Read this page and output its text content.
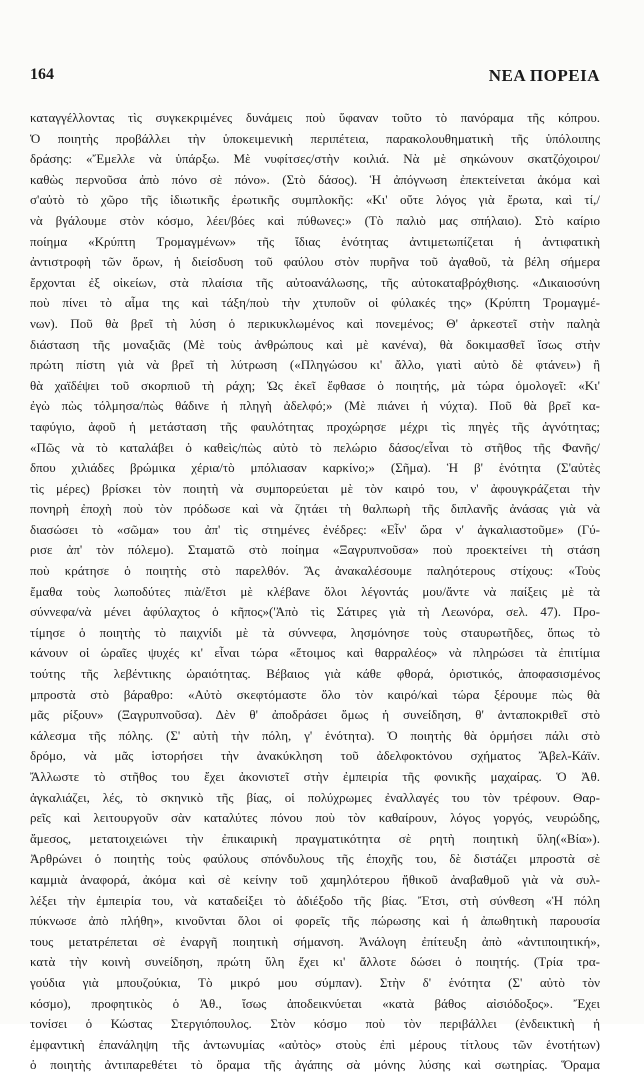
164	ΝΕΑ ΠΟΡΕΙΑ
καταγγέλλοντας τὶς συγκεκριμένες δυνάμεις ποὺ ὕφαναν τοῦτο τὸ πανόραμα τῆς κόπρου.
Ὁ ποιητὴς προβάλλει τὴν ὑποκειμενικὴ περιπέτεια, παρακολουθηματικὴ τῆς ὑπόλοιπης
δράσης: «Ἔμελλε νὰ ὑπάρξω. Μὲ νυφίτσες/στὴν κοιλιά. Νὰ μὲ σηκώνουν σκατζόχοιροι/
καθὼς περνοῦσα ἀπὸ πόνο σὲ πόνο». (Στὸ δάσος). Ἡ ἀπόγνωση ἐπεκτείνεται ἀκόμα καὶ
σ'αὐτὸ τὸ χῶρο τῆς ἰδιωτικῆς ἐρωτικῆς συμπλοκῆς: «Κι' οὔτε λόγος γιὰ ἔρωτα, καὶ τί,/
νὰ βγάλουμε στὸν κόσμο, λέει/βόες καὶ πύθωνες:» (Τὸ παλιὸ μας σπήλαιο). Στὸ καίριο
ποίημα «Κρύπτη Τρομαγμένων» τῆς ἴδιας ἑνότητας ἀντιμετωπίζεται ἡ ἀντιφατικὴ
ἀντιστροφὴ τῶν ὅρων, ἡ διείσδυση τοῦ φαύλου στὸν πυρῆνα τοῦ ἀγαθοῦ, τὰ βέλη σήμερα
ἔρχονται ἐξ οἰκείων, στὰ πλαίσια τῆς αὐτοανάλωσης, τῆς αὐτοκαταβρόχθισης. «Δικαιοσύνη
ποὺ πίνει τὸ αἷμα της καὶ τάξη/ποὺ τὴν χτυποῦν οἱ φύλακές της» (Κρύπτη Τρομαγμέ-
νων). Ποῦ θὰ βρεῖ τὴ λύση ὁ περικυκλωμένος καὶ πονεμένος; Θ' ἀρκεστεῖ στὴν παληὰ
διάσταση τῆς μοναξιᾶς (Μὲ τοὺς ἀνθρώπους καὶ μὲ κανένα), θὰ δοκιμασθεῖ ἴσως στὴν
πρώτη πίστη γιὰ νὰ βρεῖ τὴ λύτρωση («Πληγώσου κι' ἄλλο, γιατὶ αὐτὸ δὲ φτάνει») ἢ
θὰ χαϊδέψει τοῦ σκορπιοῦ τὴ ράχη; Ὡς ἐκεῖ ἔφθασε ὁ ποιητής, μὰ τώρα ὁμολογεῖ: «Κι'
ἐγὼ πὼς τόλμησα/πὼς θάδινε ἡ πληγὴ ἀδελφό;» (Μὲ πιάνει ἡ νύχτα). Ποῦ θὰ βρεῖ κα-
ταφύγιο, ἀφοῦ ἡ μετάσταση τῆς φαυλότητας προχώρησε μέχρι τὶς πηγὲς τῆς ἀγνότητας;
«Πῶς νὰ τὸ καταλάβει ὁ καθεὶς/πὼς αὐτὸ τὸ πελώριο δάσος/εἶναι τὸ στῆθος τῆς Φανῆς/
δπου χιλιάδες βρώμικα χέρια/τὸ μπόλιασαν καρκίνο;» (Σῆμα). Ἡ β' ἑνότητα (Σ'αὐτὲς
τὶς μέρες) βρίσκει τὸν ποιητὴ νὰ συμπορεύεται μὲ τὸν καιρό του, ν' ἀφουγκράζεται τὴν
πονηρὴ ἐποχὴ ποὺ τὸν πρόδωσε καὶ νὰ ζητάει τὴ θαλπωρὴ τῆς διπλανῆς ἀνάσας γιὰ νὰ
διασώσει τὸ «σῶμα» του ἀπ' τὶς στημένες ἐνέδρες: «Εἶν' ὥρα ν' ἀγκαλιαστοῦμε» (Γύ-
ρισε ἀπ' τὸν πόλεμο). Σταματῶ στὸ ποίημα «Ξαγρυπνοῦσα» ποὺ προεκτείνει τὴ στάση
ποὺ κράτησε ὁ ποιητὴς στὸ παρελθόν. Ἂς ἀνακαλέσουμε παληότερους στίχους: «Τοὺς
ἔμαθα τοὺς λωποδύτες πιὰ/ἔτσι μὲ κλέβανε ὅλοι λέγοντάς μου/ἄντε νὰ παίξεις μὲ τὰ
σύννεφα/νὰ μένει ἀφύλαχτος ὁ κῆπος»('Ἀπὸ τὶς Σάτιρες γιὰ τὴ Λεωνόρα, σελ. 47). Προ-
τίμησε ὁ ποιητὴς τὸ παιχνίδι μὲ τὰ σύννεφα, λησμόνησε τοὺς σταυρωτῆδες, ὅπως τὸ
κάνουν οἱ ὡραῖες ψυχές κι' εἶναι τώρα «ἕτοιμος καὶ θαρραλέος» νὰ πληρώσει τὰ ἐπιτίμια
τούτης τῆς λεβέντικης ὡραιότητας. Βέβαιος γιὰ κάθε φθορά, ὀριστικός, ἀποφασισμένος
μπροστὰ στὸ βάραθρο: «Αὐτὸ σκεφτόμαστε ὅλο τὸν καιρό/καὶ τώρα ξέρουμε πὼς θὰ
μᾶς ρίξουν» (Ξαγρυπνοῦσα). Δὲν θ' ἀποδράσει ὅμως ἡ συνείδηση, θ' ἀνταποκριθεῖ στὸ
κάλεσμα τῆς πόλης. (Σ' αὐτὴ τὴν πόλη, γ' ἑνότητα). Ὁ ποιητὴς θὰ ὁρμήσει πάλι στὸ
δρόμο, νὰ μᾶς ἱστορήσει τὴν ἀνακύκληση τοῦ ἀδελφοκτόνου σχήματος Ἄβελ-Κάϊν.
Ἄλλωστε τὸ στῆθος του ἔχει ἀκονιστεῖ στὴν ἐμπειρία τῆς φονικῆς μαχαίρας. Ὁ Ἀθ.
ἀγκαλιάζει, λές, τὸ σκηνικὸ τῆς βίας, οἱ πολύχρωμες ἐναλλαγές του τὸν τρέφουν. Θαρ-
ρεῖς καὶ λειτουργοῦν σὰν καταλύτες πόνου ποὺ τὸν καθαίρουν, λόγος γοργός, νευρώδης,
ἄμεσος, μετατοιχειώνει τὴν ἐπικαιρικὴ πραγματικότητα σὲ ρητὴ ποιητικὴ ὕλη(«Βία»).
Ἀρθρώνει ὁ ποιητὴς τοὺς φαύλους σπόνδυλους τῆς ἐποχῆς του, δὲ διστάζει μπροστὰ σὲ
καμμιὰ ἀναφορά, ἀκόμα καὶ σὲ κείνην τοῦ χαμηλότερου ἤθικοῦ ἀναβαθμοῦ γιὰ νὰ συλ-
λέξει τὴν ἐμπειρία του, νὰ καταδείξει τὸ ἀδιέξοδο τῆς βίας. Ἔτσι, στὴ σύνθεση «Ἡ πόλη
πύκνωσε ἀπὸ πλήθη», κινοῦνται ὅλοι οἱ φορεῖς τῆς πώρωσης καὶ ἡ ἀπωθητικὴ παρουσία
τους μετατρέπεται σὲ ἐναργῆ ποιητικὴ σήμανση. Ἀνάλογη ἐπίτευξη ἀπὸ «ἀντιποιητική»,
κατὰ τὴν κοινὴ συνείδηση, πρώτη ὕλη ἔχει κι' ἄλλοτε δώσει ὁ ποιητής. (Τρία τρα-
γούδια γιὰ μπουζούκια, Τὸ μικρό μου σύμπαν). Στὴν δ' ἑνότητα (Σ' αὐτὸ τὸν
κόσμο), προφητικὸς ὁ Ἀθ., ἴσως ἀποδεικνύεται «κατὰ βάθος αἰσιόδοξος». Ἔχει
τονίσει ὁ Κώστας Στεργιόπουλος. Στὸν κόσμο ποὺ τὸν περιβάλλει (ἐνδεικτικὴ ἡ
ἐμφαντικὴ ἐπανάληψη τῆς ἀντωνυμίας «αὐτὸς» στοὺς ἐπὶ μέρους τίτλους τῶν ἑνοτήτων)
ὁ ποιητὴς ἀντιπαρεθέτει τὸ ὅραμα τῆς ἀγάπης σὰ μόνης λύσης καὶ σωτηρίας. Ὅραμα
